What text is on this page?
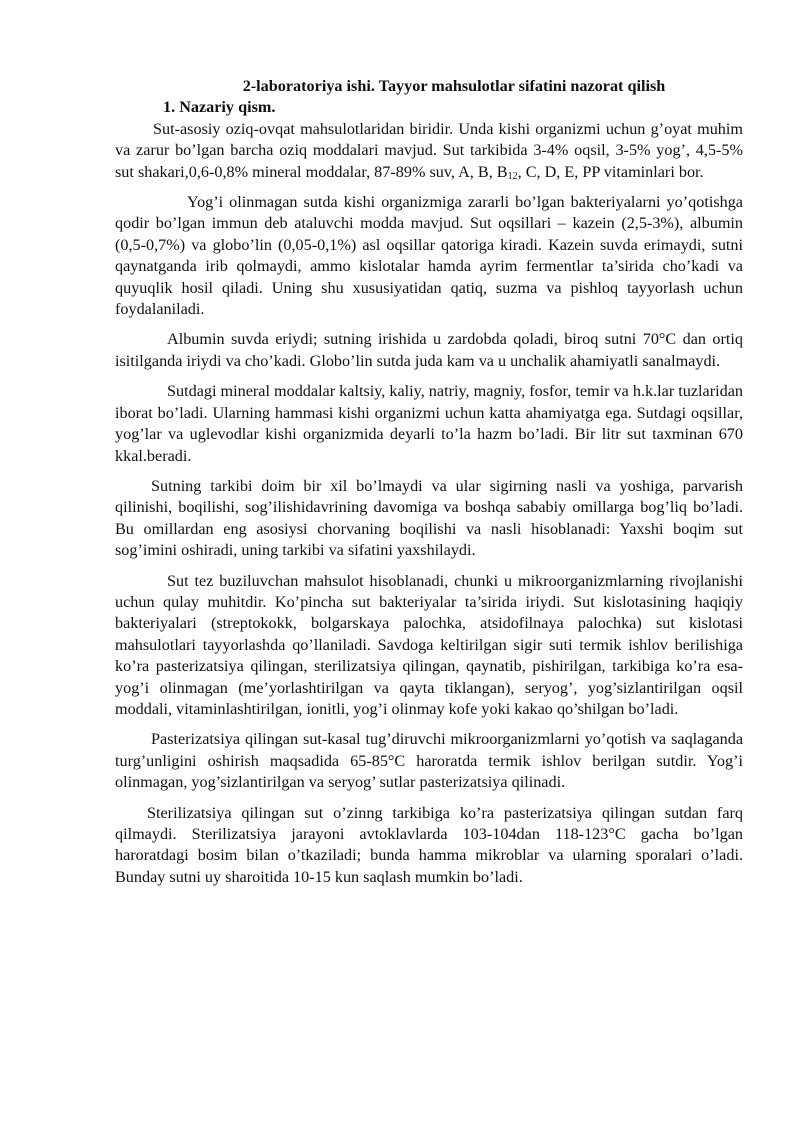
2-laboratoriya ishi. Tayyor mahsulotlar sifatini nazorat qilish
1. Nazariy qism.

Sut-asosiy oziq-ovqat mahsulotlaridan biridir. Unda kishi organizmi uchun g’oyat muhim va zarur bo’lgan barcha oziq moddalari mavjud. Sut tarkibida 3-4% oqsil, 3-5% yog’, 4,5-5% sut shakari,0,6-0,8% mineral moddalar, 87-89% suv, A, B, $B_{12}$, C, D, E, PP vitaminlari bor.

Yog’i olinmagan sutda kishi organizmiga zararli bo’lgan bakteriyalarni yo’qotishga qodir bo’lgan immun deb ataluvchi modda mavjud. Sut oqsillari – kazein (2,5-3%), albumin (0,5-0,7%) va globo’lin (0,05-0,1%) asl oqsillar qatoriga kiradi. Kazein suvda erimaydi, sutni qaynatganda irib qolmaydi, ammo kislotalar hamda ayrim fermentlar ta’sirida cho’kadi va quyuqlik hosil qiladi. Uning shu xususiyatidan qatiq, suzma va pishloq tayyorlash uchun foydalaniladi.

Albumin suvda eriydi; sutning irishida u zardobda qoladi, biroq sutni 70°C dan ortiq isitilganda iriydi va cho’kadi. Globo’lin sutda juda kam va u unchalik ahamiyatli sanalmaydi.

Sutdagi mineral moddalar kaltsiy, kaliy, natriy, magniy, fosfor, temir va h.k.lar tuzlaridan iborat bo’ladi. Ularning hammasi kishi organizmi uchun katta ahamiyatga ega. Sutdagi oqsillar, yog’lar va uglevodlar kishi organizmida deyarli to’la hazm bo’ladi. Bir litr sut taxminan 670 kkal.beradi.

Sutning tarkibi doim bir xil bo’lmaydi va ular sigirning nasli va yoshiga, parvarish qilinishi, boqilishi, sog’ilishidavrining davomiga va boshqa sababiy omillarga bog’liq bo’ladi. Bu omillardan eng asosiysi chorvaning boqilishi va nasli hisoblanadi: Yaxshi boqim sut sog’imini oshiradi, uning tarkibi va sifatini yaxshilaydi.

Sut tez buziluvchan mahsulot hisoblanadi, chunki u mikroorganizmlarning rivojlanishi uchun qulay muhitdir. Ko’pincha sut bakteriyalar ta’sirida iriydi. Sut kislotasining haqiqiy bakteriyalari (streptokokk, bolgarskaya palochka, atsidofilnaya palochka) sut kislotasi mahsulotlari tayyorlashda qo’llaniladi. Savdoga keltirilgan sigir suti termik ishlov berilishiga ko’ra pasterizatsiya qilingan, sterilizatsiya qilingan, qaynatib, pishirilgan, tarkibiga ko’ra esa-yog’i olinmagan (me’yorlashtirilgan va qayta tiklangan), seryog’, yog’sizlantirilgan oqsil moddali, vitaminlashtirilgan, ionitli, yog’i olinmay kofe yoki kakao qo’shilgan bo’ladi.

Pasterizatsiya qilingan sut-kasal tug’diruvchi mikroorganizmlarni yo’qotish va saqlaganda turg’unligini oshirish maqsadida 65-85°C haroratda termik ishlov berilgan sutdir. Yog’i olinmagan, yog’sizlantirilgan va seryog’ sutlar pasterizatsiya qilinadi.

Sterilizatsiya qilingan sut o’zinng tarkibiga ko’ra pasterizatsiya qilingan sutdan farq qilmaydi. Sterilizatsiya jarayoni avtoklavlarda 103-104dan 118-123°C gacha bo’lgan haroratdagi bosim bilan o’tkaziladi; bunda hamma mikroblar va ularning sporalari o’ladi. Bunday sutni uy sharoitida 10-15 kun saqlash mumkin bo’ladi.
